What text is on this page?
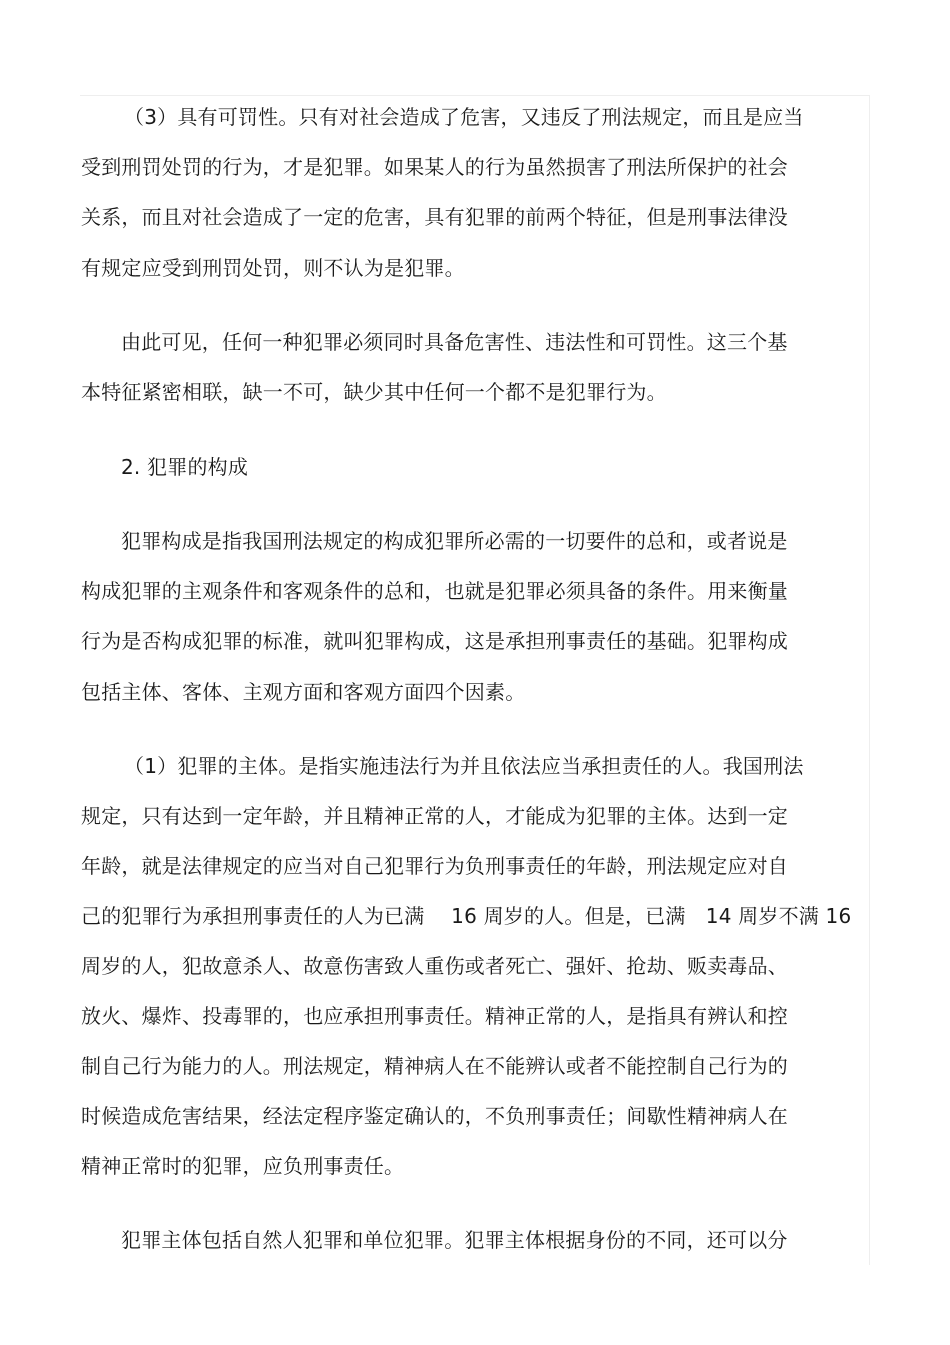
（3）具有可罚性。只有对社会造成了危害，又违反了刑法规定，而且是应当
受到刑罚处罚的行为，才是犯罪。如果某人的行为虽然损害了刑法所保护的社会
关系，而且对社会造成了一定的危害，具有犯罪的前两个特征，但是刑事法律没
有规定应受到刑罚处罚，则不认为是犯罪。
由此可见，任何一种犯罪必须同时具备危害性、违法性和可罚性。这三个基
本特征紧密相联，缺一不可，缺少其中任何一个都不是犯罪行为。
2. 犯罪的构成
犯罪构成是指我国刑法规定的构成犯罪所必需的一切要件的总和，或者说是
构成犯罪的主观条件和客观条件的总和，也就是犯罪必须具备的条件。用来衡量
行为是否构成犯罪的标准，就叫犯罪构成，这是承担刑事责任的基础。犯罪构成
包括主体、客体、主观方面和客观方面四个因素。
（1）犯罪的主体。是指实施违法行为并且依法应当承担责任的人。我国刑法
规定，只有达到一定年龄，并且精神正常的人，才能成为犯罪的主体。达到一定
年龄，就是法律规定的应当对自己犯罪行为负刑事责任的年龄，刑法规定应对自
己的犯罪行为承担刑事责任的人为已满　 16 周岁的人。但是，已满　14 周岁不满 16
周岁的人，犯故意杀人、故意伤害致人重伤或者死亡、强奸、抢劫、贩卖毒品、
放火、爆炸、投毒罪的，也应承担刑事责任。精神正常的人，是指具有辨认和控
制自己行为能力的人。刑法规定，精神病人在不能辨认或者不能控制自己行为的
时候造成危害结果，经法定程序鉴定确认的，不负刑事责任；间歇性精神病人在
精神正常时的犯罪，应负刑事责任。
犯罪主体包括自然人犯罪和单位犯罪。犯罪主体根据身份的不同，还可以分
